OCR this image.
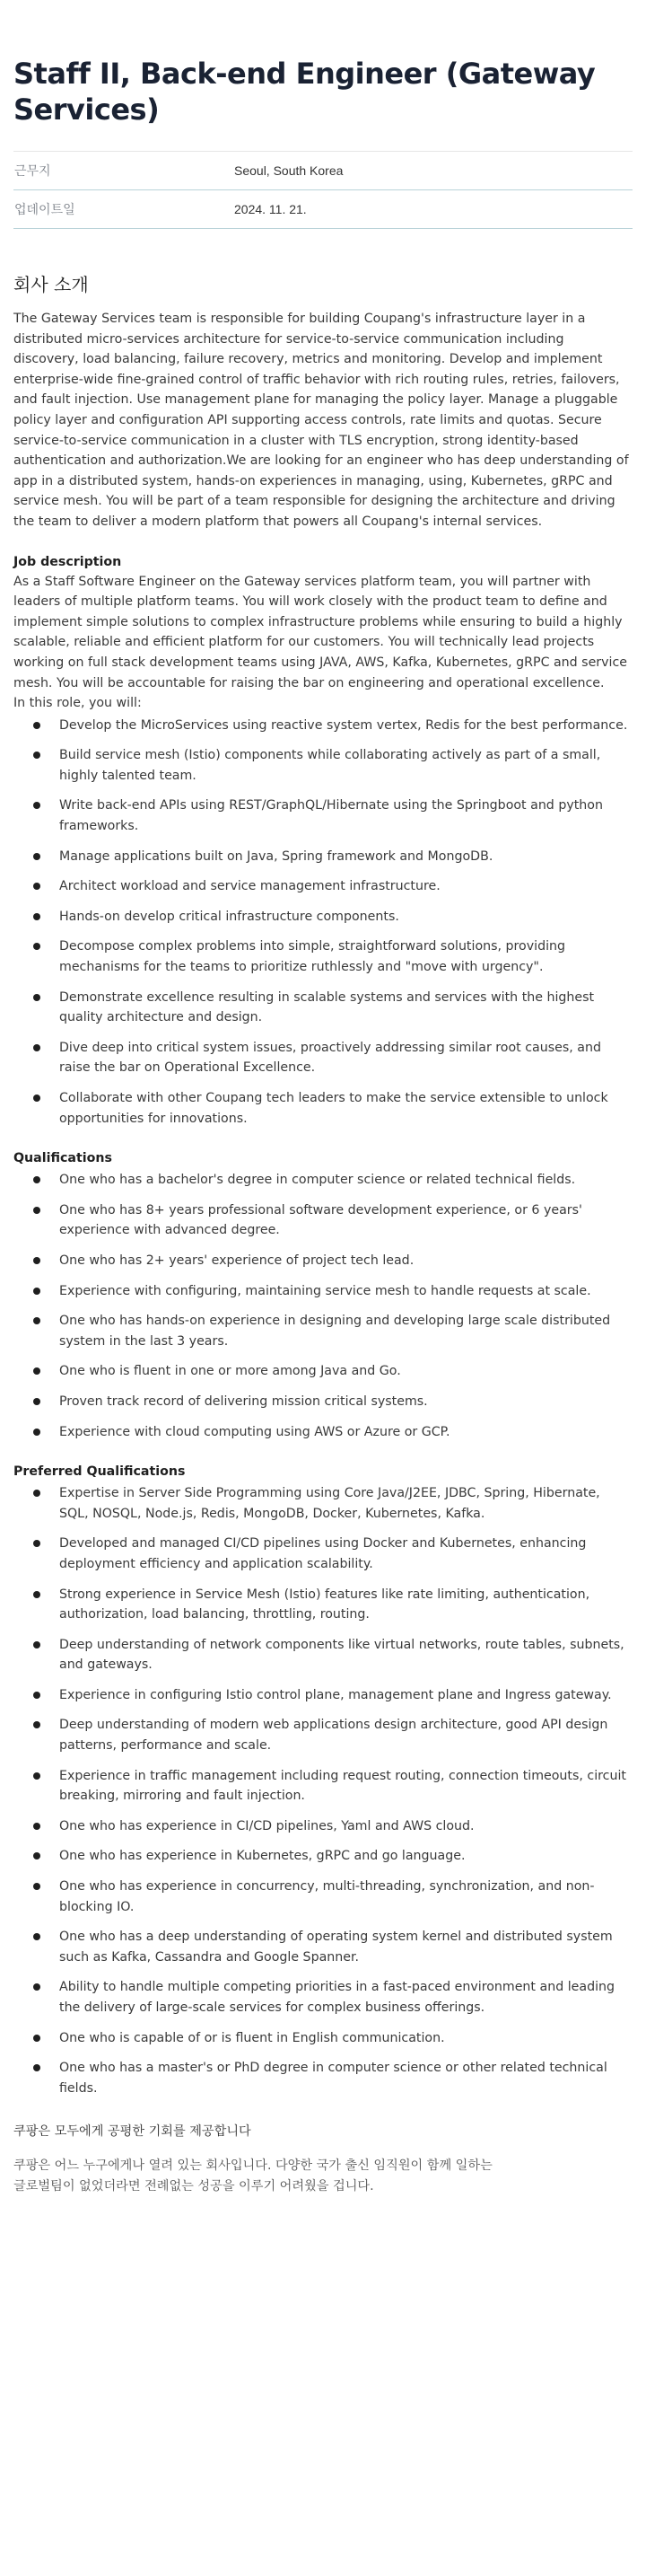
Staff II, Back-end Engineer (Gateway Services)
근무지	Seoul, South Korea
업데이트일	2024. 11. 21.
회사 소개

The Gateway Services team is responsible for building Coupang's infrastructure layer in a distributed micro-services architecture for service-to-service communication including discovery, load balancing, failure recovery, metrics and monitoring. Develop and implement enterprise-wide fine-grained control of traffic behavior with rich routing rules, retries, failovers, and fault injection. Use management plane for managing the policy layer. Manage a pluggable policy layer and configuration API supporting access controls, rate limits and quotas. Secure service-to-service communication in a cluster with TLS encryption, strong identity-based authentication and authorization.We are looking for an engineer who has deep understanding of app in a distributed system, hands-on experiences in managing, using, Kubernetes, gRPC and service mesh. You will be part of a team responsible for designing the architecture and driving the team to deliver a modern platform that powers all Coupang's internal services.

Job description

As a Staff Software Engineer on the Gateway services platform team, you will partner with leaders of multiple platform teams. You will work closely with the product team to define and implement simple solutions to complex infrastructure problems while ensuring to build a highly scalable, reliable and efficient platform for our customers. You will technically lead projects working on full stack development teams using JAVA, AWS, Kafka, Kubernetes, gRPC and service mesh. You will be accountable for raising the bar on engineering and operational excellence.

In this role, you will:

Develop the MicroServices using reactive system vertex, Redis for the best performance.
Build service mesh (Istio) components while collaborating actively as part of a small, highly talented team.
Write back-end APIs using REST/GraphQL/Hibernate using the Springboot and python frameworks.
Manage applications built on Java, Spring framework and MongoDB.
Architect workload and service management infrastructure.
Hands-on develop critical infrastructure components.
Decompose complex problems into simple, straightforward solutions, providing mechanisms for the teams to prioritize ruthlessly and "move with urgency".
Demonstrate excellence resulting in scalable systems and services with the highest quality architecture and design.
Dive deep into critical system issues, proactively addressing similar root causes, and raise the bar on Operational Excellence.
Collaborate with other Coupang tech leaders to make the service extensible to unlock opportunities for innovations.
Qualifications
One who has a bachelor's degree in computer science or related technical fields.
One who has 8+ years professional software development experience, or 6 years' experience with advanced degree.
One who has 2+ years' experience of project tech lead.
Experience with configuring, maintaining service mesh to handle requests at scale.
One who has hands-on experience in designing and developing large scale distributed system in the last 3 years.
One who is fluent in one or more among Java and Go.
Proven track record of delivering mission critical systems.
Experience with cloud computing using AWS or Azure or GCP.
Preferred Qualifications
Expertise in Server Side Programming using Core Java/J2EE, JDBC, Spring, Hibernate, SQL, NOSQL, Node.js, Redis, MongoDB, Docker, Kubernetes, Kafka.
Developed and managed CI/CD pipelines using Docker and Kubernetes, enhancing deployment efficiency and application scalability.
Strong experience in Service Mesh (Istio) features like rate limiting, authentication, authorization, load balancing, throttling, routing.
Deep understanding of network components like virtual networks, route tables, subnets, and gateways.
Experience in configuring Istio control plane, management plane and Ingress gateway.
Deep understanding of modern web applications design architecture, good API design patterns, performance and scale.
Experience in traffic management including request routing, connection timeouts, circuit breaking, mirroring and fault injection.
One who has experience in CI/CD pipelines, Yaml and AWS cloud.
One who has experience in Kubernetes, gRPC and go language.
One who has experience in concurrency, multi-threading, synchronization, and non-blocking IO.
One who has a deep understanding of operating system kernel and distributed system such as Kafka, Cassandra and Google Spanner.
Ability to handle multiple competing priorities in a fast-paced environment and leading the delivery of large-scale services for complex business offerings.
One who is capable of or is fluent in English communication.
One who has a master's or PhD degree in computer science or other related technical fields.
쿠팡은 모두에게 공평한 기회를 제공합니다

쿠팡은 어느 누구에게나 열려 있는 회사입니다. 다양한 국가 출신 임직원이 함께 일하는

글로벌팀이 없었더라면 전례없는 성공을 이루기 어려웠을 겁니다.
